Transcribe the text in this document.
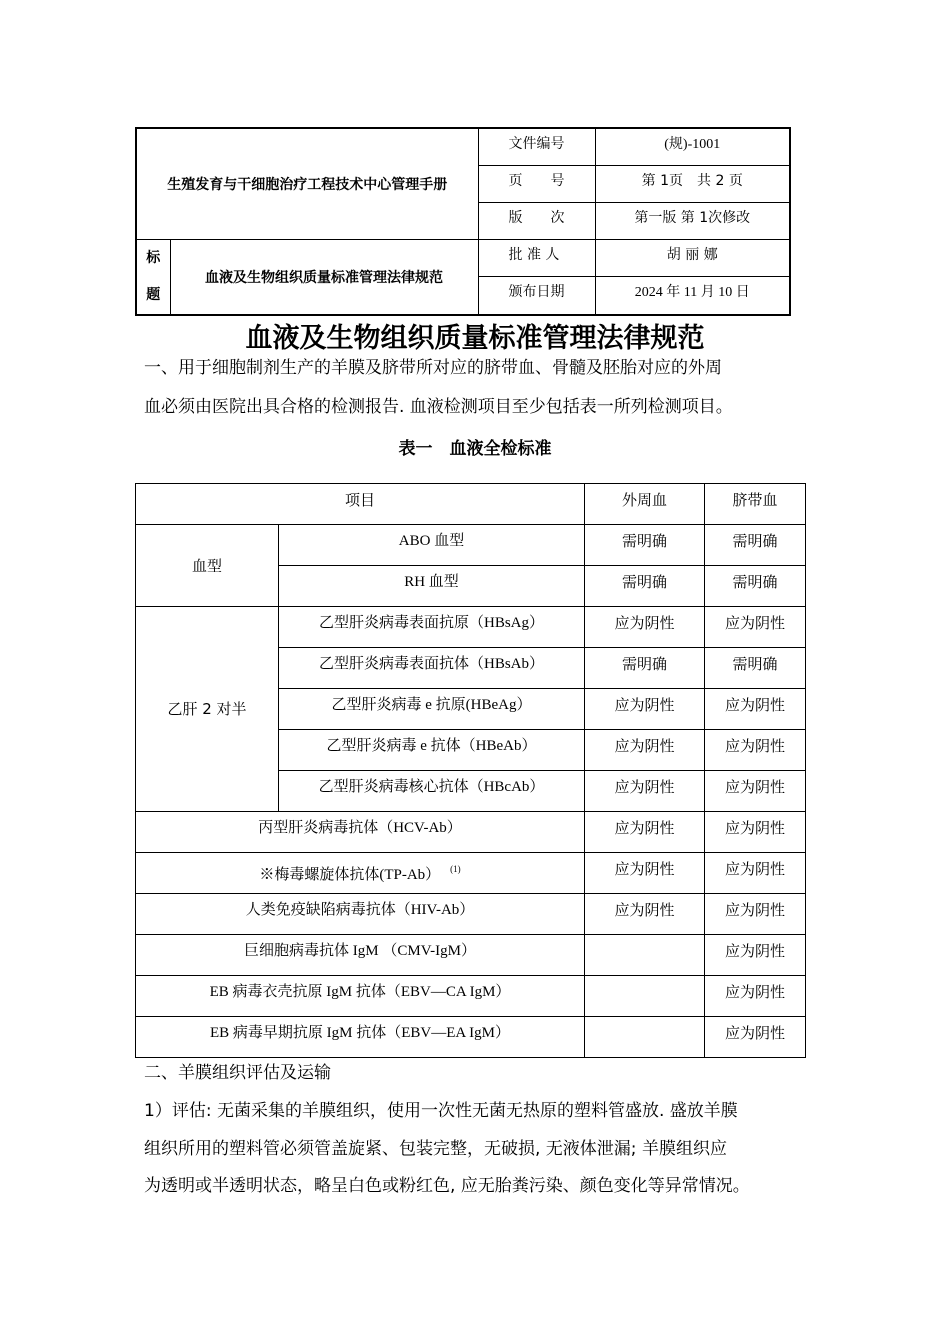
生殖发育与干细胞治疗工程技术中心管理手册		文件编号	(规)-1001
		页　　号	第 1页　共 2 页
		版　　次	第一版 第 1次修改

标
题	血液及生物组织质量标准管理法律规范	批 准 人	胡 丽 娜
		颁布日期	2024 年 11 月 10 日
血液及生物组织质量标准管理法律规范
一、用于细胞制剂生产的羊膜及脐带所对应的脐带血、骨髓及胚胎对应的外周
血必须由医院出具合格的检测报告. 血液检测项目至少包括表一所列检测项目。
表一　血液全检标准
项目		外周血	脐带血

血型	ABO 血型	需明确	需明确

	RH 血型	需明确	需明确

乙肝 2 对半	乙型肝炎病毒表面抗原（HBsAg）	应为阴性	应为阴性

	乙型肝炎病毒表面抗体（HBsAb）	需明确	需明确

	乙型肝炎病毒 e 抗原(HBeAg）	应为阴性	应为阴性

	乙型肝炎病毒 e 抗体（HBeAb）	应为阴性	应为阴性

	乙型肝炎病毒核心抗体（HBcAb）	应为阴性	应为阴性

丙型肝炎病毒抗体（HCV-Ab）		应为阴性	应为阴性

※梅毒螺旋体抗体(TP-Ab） $^{(1)}$		应为阴性	应为阴性

人类免疫缺陷病毒抗体（HIV-Ab）		应为阴性	应为阴性

巨细胞病毒抗体 IgM （CMV-IgM）			应为阴性

EB 病毒衣壳抗原 IgM 抗体（EBV—CA IgM）			应为阴性

EB 病毒早期抗原 IgM 抗体（EBV—EA IgM）			应为阴性
二、羊膜组织评估及运输
1）评估: 无菌采集的羊膜组织，使用一次性无菌无热原的塑料管盛放. 盛放羊膜
组织所用的塑料管必须管盖旋紧、包装完整，无破损, 无液体泄漏; 羊膜组织应
为透明或半透明状态，略呈白色或粉红色, 应无胎粪污染、颜色变化等异常情况。
